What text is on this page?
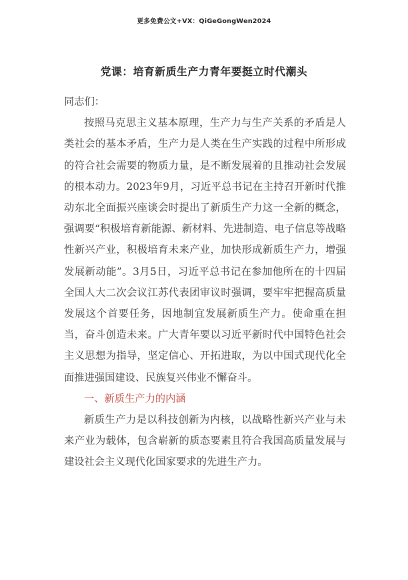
更多免费公文+VX：QiGeGongWen2024
党课：培育新质生产力青年要挺立时代潮头

同志们：

按照马克思主义基本原理，生产力与生产关系的矛盾是人类社会的基本矛盾，生产力是人类在生产实践的过程中所形成的符合社会需要的物质力量，是不断发展着的且推动社会发展的根本动力。2023年9月，习近平总书记在主持召开新时代推动东北全面振兴座谈会时提出了新质生产力这一全新的概念，强调要“积极培育新能源、新材料、先进制造、电子信息等战略性新兴产业，积极培育未来产业，加快形成新质生产力，增强发展新动能”。3月5日，习近平总书记在参加他所在的十四届全国人大二次会议江苏代表团审议时强调，要牢牢把握高质量发展这个首要任务，因地制宜发展新质生产力。使命重在担当，奋斗创造未来。广大青年要以习近平新时代中国特色社会主义思想为指导，坚定信心、开拓进取，为以中国式现代化全面推进强国建设、民族复兴伟业不懈奋斗。

一、新质生产力的内涵

新质生产力是以科技创新为内核，以战略性新兴产业与未来产业为载体，包含崭新的质态要素且符合我国高质量发展与建设社会主义现代化国家要求的先进生产力。
